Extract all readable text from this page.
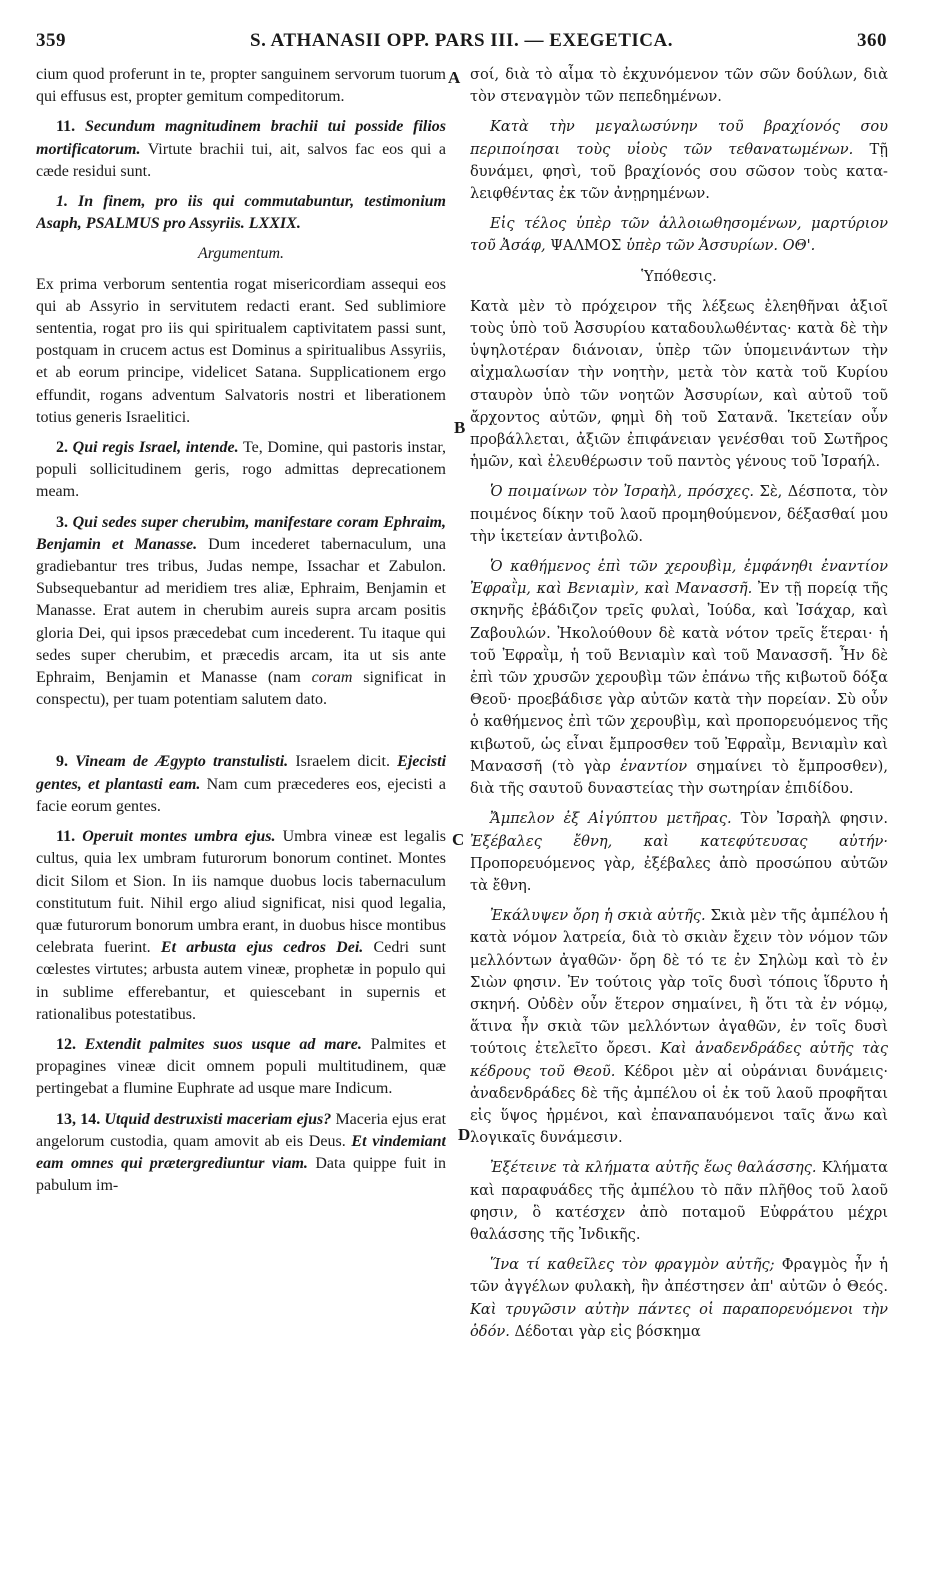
359	S. ATHANASII OPP. PARS III. — EXEGETICA.	360
A
B
C
D

cium quod proferunt in te, propter sanguinem servorum tuorum qui effusus est, propter gemitum compeditorum.

11. Secundum magnitudinem brachii tui posside filios mortificatorum. Virtute brachii tui, ait, salvos fac eos qui a cæde residui sunt.

1. In finem, pro iis qui commutabuntur, testimonium Asaph, PSALMUS pro Assyriis. LXXIX.

Argumentum.

Ex prima verborum sententia rogat misericordiam assequi eos qui ab Assyrio in servitutem redacti erant. Sed sublimiore sententia, rogat pro iis qui spiritualem captivitatem passi sunt, postquam in crucem actus est Dominus a spiritualibus Assyriis, et ab eorum principe, videlicet Satana. Supplicationem ergo effundit, rogans adventum Salvatoris nostri et liberationem totius generis Israelitici.

2. Qui regis Israel, intende. Te, Domine, qui pastoris instar, populi sollicitudinem geris, rogo admittas deprecationem meam.

3. Qui sedes super cherubim, manifestare coram Ephraim, Benjamin et Manasse. Dum incederet tabernaculum, una gradiebantur tres tribus, Judas nempe, Issachar et Zabulon. Subsequebantur ad meridiem tres aliæ, Ephraim, Benjamin et Manasse. Erat autem in cherubim aureis supra arcam positis gloria Dei, qui ipsos præcedebat cum incederent. Tu itaque qui sedes super cherubim, et præcedis arcam, ita ut sis ante Ephraim, Benjamin et Manasse (nam coram significat in conspectu), per tuam potentiam salutem dato.

9. Vineam de Ægypto transtulisti. Israelem dicit. Ejecisti gentes, et plantasti eam. Nam cum præcederes eos, ejecisti a facie eorum gentes.

11. Operuit montes umbra ejus. Umbra vineæ est legalis cultus, quia lex umbram futurorum bonorum continet. Montes dicit Silom et Sion. In iis namque duobus locis tabernaculum constitutum fuit. Nihil ergo aliud significat, nisi quod legalia, quæ futurorum bonorum umbra erant, in duobus hisce montibus celebrata fuerint. Et arbusta ejus cedros Dei. Cedri sunt cœlestes virtutes; arbusta autem vineæ, prophetæ in populo qui in sublime efferebantur, et quiescebant in supernis et rationalibus potestatibus.

12. Extendit palmites suos usque ad mare. Palmites et propagines vineæ dicit omnem populi multitudinem, quæ pertingebat a flumine Euphrate ad usque mare Indicum.

13, 14. Utquid destruxisti maceriam ejus? Maceria ejus erat angelorum custodia, quam amovit ab eis Deus. Et vindemiant eam omnes qui prætergrediuntur viam. Data quippe fuit in pabulum im-

σοί, διὰ τὸ αἷμα τὸ ἐκχυνόμενον τῶν σῶν δούλων, διὰ τὸν στεναγμὸν τῶν πεπεδημένων.

Κατὰ τὴν μεγαλωσύνην τοῦ βραχίονός σου περιποίησαι τοὺς υἱοὺς τῶν τεθανατωμένων. Τῇ δυνάμει, φησὶ, τοῦ βραχίονός σου σῶσον τοὺς κατα-λειφθέντας ἐκ τῶν ἀνῃρημένων.

Εἰς τέλος ὑπὲρ τῶν ἀλλοιωθησομένων, μαρτύριον τοῦ Ἀσάφ, ΨΑΛΜΟΣ ὑπὲρ τῶν Ἀσσυρίων. ΟΘ'.

Ὑπόθεσις.

Κατὰ μὲν τὸ πρόχειρον τῆς λέξεως ἐλεηθῆναι ἀξιοῖ τοὺς ὑπὸ τοῦ Ἀσσυρίου καταδουλωθέντας· κατὰ δὲ τὴν ὑψηλοτέραν διάνοιαν, ὑπὲρ τῶν ὑπομεινάντων τὴν αἰχμαλωσίαν τὴν νοητὴν, μετὰ τὸν κατὰ τοῦ Κυρίου σταυρὸν ὑπὸ τῶν νοητῶν Ἀσσυρίων, καὶ αὐτοῦ τοῦ ἄρχοντος αὐτῶν, φημὶ δὴ τοῦ Σατανᾶ. Ἱκετείαν οὖν προβάλλεται, ἀξιῶν ἐπιφάνειαν γενέσθαι τοῦ Σωτῆρος ἡμῶν, καὶ ἐλευθέρωσιν τοῦ παντὸς γένους τοῦ Ἰσραήλ.

Ὁ ποιμαίνων τὸν Ἰσραὴλ, πρόσχες. Σὲ, Δέσποτα, τὸν ποιμένος δίκην τοῦ λαοῦ προμηθούμενον, δέξασθαί μου τὴν ἱκετείαν ἀντιβολῶ.

Ὁ καθήμενος ἐπὶ τῶν χερουβὶμ, ἐμφάνηθι ἐναντίον Ἐφραῒμ, καὶ Βενιαμὶν, καὶ Μανασσῆ. Ἐν τῇ πορείᾳ τῆς σκηνῆς ἐβάδιζον τρεῖς φυλαὶ, Ἰούδα, καὶ Ἰσάχαρ, καὶ Ζαβουλών. Ἠκολούθουν δὲ κατὰ νότον τρεῖς ἕτεραι· ἡ τοῦ Ἐφραῒμ, ἡ τοῦ Βενιαμὶν καὶ τοῦ Μανασσῆ. Ἦν δὲ ἐπὶ τῶν χρυσῶν χερουβὶμ τῶν ἐπάνω τῆς κιβωτοῦ δόξα Θεοῦ· προεβάδισε γὰρ αὐτῶν κατὰ τὴν πορείαν. Σὺ οὖν ὁ καθήμενος ἐπὶ τῶν χερουβὶμ, καὶ προπορευόμενος τῆς κιβωτοῦ, ὡς εἶναι ἔμπροσθεν τοῦ Ἐφραῒμ, Βενιαμὶν καὶ Μανασσῆ (τὸ γὰρ ἐναντίον σημαίνει τὸ ἔμπροσθεν), διὰ τῆς σαυτοῦ δυναστείας τὴν σωτηρίαν ἐπιδίδου.

Ἄμπελον ἐξ Αἰγύπτου μετῆρας. Τὸν Ἰσραὴλ φησιν. Ἐξέβαλες ἔθνη, καὶ κατεφύτευσας αὐτήν· Προπορευόμενος γὰρ, ἐξέβαλες ἀπὸ προσώπου αὐτῶν τὰ ἔθνη.

Ἐκάλυψεν ὄρη ἡ σκιὰ αὐτῆς. Σκιὰ μὲν τῆς ἀμπέλου ἡ κατὰ νόμον λατρεία, διὰ τὸ σκιὰν ἔχειν τὸν νόμον τῶν μελλόντων ἀγαθῶν· ὄρη δὲ τό τε ἐν Σηλὼμ καὶ τὸ ἐν Σιὼν φησιν. Ἐν τούτοις γὰρ τοῖς δυσὶ τόποις ἵδρυτο ἡ σκηνή. Οὐδὲν οὖν ἕτερον σημαίνει, ἢ ὅτι τὰ ἐν νόμῳ, ἅτινα ἦν σκιὰ τῶν μελλόντων ἀγαθῶν, ἐν τοῖς δυσὶ τούτοις ἐτελεῖτο ὄρεσι. Καὶ ἀναδενδράδες αὐτῆς τὰς κέδρους τοῦ Θεοῦ. Κέδροι μὲν αἱ οὐράνιαι δυνάμεις· ἀναδενδράδες δὲ τῆς ἀμπέλου οἱ ἐκ τοῦ λαοῦ προφῆται εἰς ὕψος ἠρμένοι, καὶ ἐπαναπαυόμενοι ταῖς ἄνω καὶ λογικαῖς δυνάμεσιν.

Ἐξέτεινε τὰ κλήματα αὐτῆς ἕως θαλάσσης. Κλήματα καὶ παραφυάδες τῆς ἀμπέλου τὸ πᾶν πλῆθος τοῦ λαοῦ φησιν, ὃ κατέσχεν ἀπὸ ποταμοῦ Εὐφράτου μέχρι θαλάσσης τῆς Ἰνδικῆς.

Ἵνα τί καθεῖλες τὸν φραγμὸν αὐτῆς; Φραγμὸς ἦν ἡ τῶν ἀγγέλων φυλακὴ, ἣν ἀπέστησεν ἀπ' αὐτῶν ὁ Θεός. Καὶ τρυγῶσιν αὐτὴν πάντες οἱ παραπορευόμενοι τὴν ὁδόν. Δέδοται γὰρ εἰς βόσκημα
